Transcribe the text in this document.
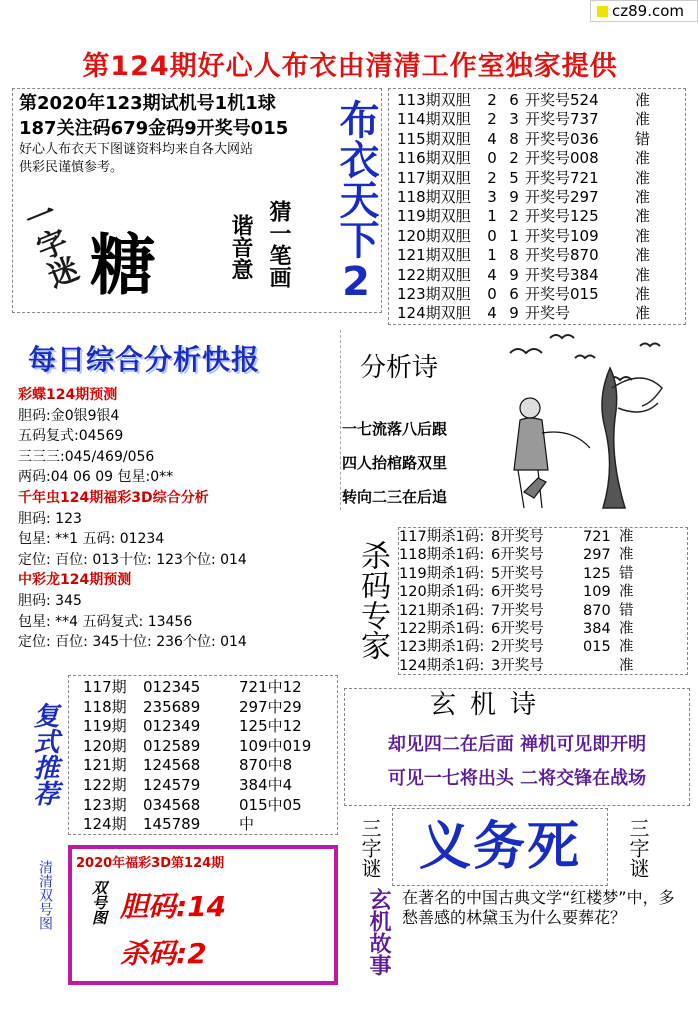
cz89.com
第124期好心人布衣由清清工作室独家提供
第2020年123期试机号1机1球
187关注码679金码9开奖号015
好心人布衣天下图谜资料均来自各大网站
供彩民谨慎参考。
一字迷 糖	猜一笔画
谐音意 布衣天下2 113期双胆 2 6 开奖号524 准
114期双胆 2 3 开奖号737 准
115期双胆 4 8 开奖号036 错
116期双胆 0 2 开奖号008 准
117期双胆 2 5 开奖号721 准
118期双胆 3 9 开奖号297 准
119期双胆 1 2 开奖号125 准
120期双胆 0 1 开奖号109 准
121期双胆 1 8 开奖号870 准
122期双胆 4 9 开奖号384 准
123期双胆 0 6 开奖号015 准
124期双胆 4 9 开奖号	准
每日综合分析快报
彩蝶124期预测
胆码:金0银9银4
五码复式:04569
三三三:045/469/056
两码:04 06 09 包星:0**
千年虫124期福彩3D综合分析
胆码: 123
包星: **1 五码: 01234
定位: 百位: 013十位: 123个位: 014
中彩龙124期预测
胆码: 345
包星: **4 五码复式: 13456
定位: 百位: 345十位: 236个位: 014
分析诗
一七流落八后跟
四人抬棺路双里
转向二三在后追
杀码专家
117期杀1码: 8开奖号	721 准
118期杀1码: 6开奖号	297 准
119期杀1码: 5开奖号	125 错
120期杀1码: 6开奖号	109 准
121期杀1码: 7开奖号	870 错
122期杀1码: 6开奖号	384 准
123期杀1码: 2开奖号	015 准
124期杀1码: 3开奖号	准
复式推荐
117期 012345	721中12
118期 235689	297中29
119期 012349	125中12
120期 012589	109中019
121期 124568	870中8
122期 124579	384中4
123期 034568	015中05
124期 145789	中
玄机诗
却见四二在后面 禅机可见即开明
可见一七将出头 二将交锋在战场
三字谜 义务死	三字谜
玄机故事 在著名的中国古典文学“红楼梦”中，多愁善感的林黛玉为什么要葬花？
清清双号图 2020年福彩3D第124期
双号图 胆码:14
杀码:2
